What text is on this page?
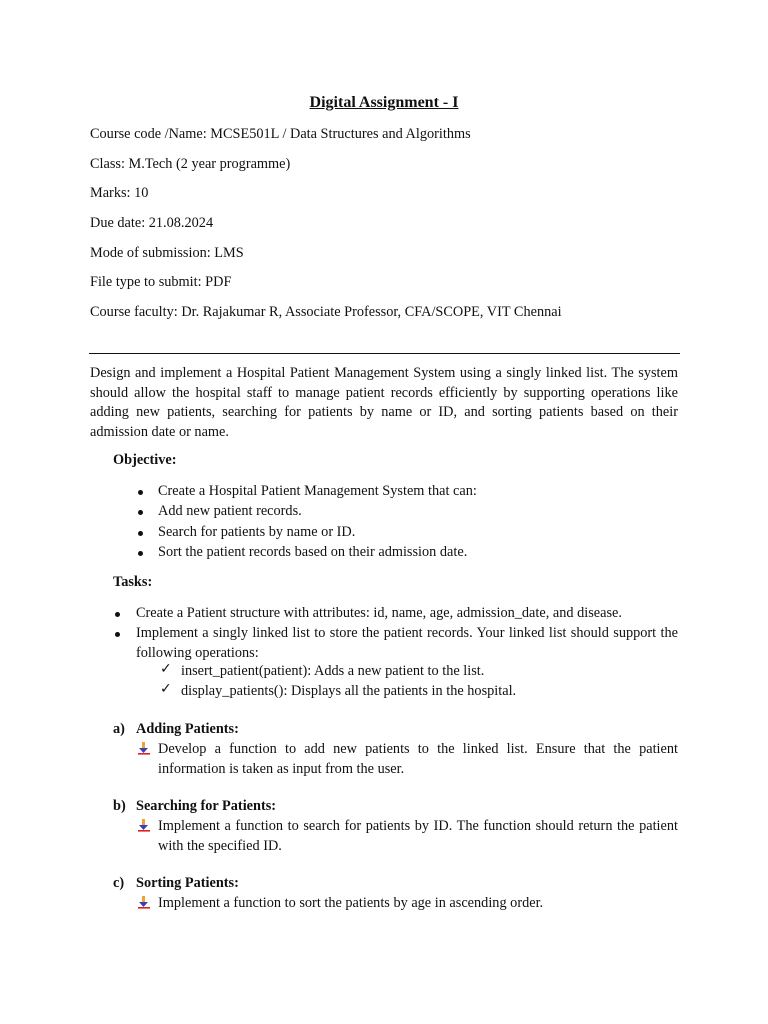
Digital Assignment - I
Course code /Name: MCSE501L / Data Structures and Algorithms
Class: M.Tech (2 year programme)
Marks: 10
Due date: 21.08.2024
Mode of submission: LMS
File type to submit: PDF
Course faculty: Dr. Rajakumar R, Associate Professor, CFA/SCOPE, VIT Chennai
Design and implement a Hospital Patient Management System using a singly linked list. The system should allow the hospital staff to manage patient records efficiently by supporting operations like adding new patients, searching for patients by name or ID, and sorting patients based on their admission date or name.
Objective:
Create a Hospital Patient Management System that can:
Add new patient records.
Search for patients by name or ID.
Sort the patient records based on their admission date.
Tasks:
Create a Patient structure with attributes: id, name, age, admission_date, and disease.
Implement a singly linked list to store the patient records. Your linked list should support the following operations:
✓ insert_patient(patient): Adds a new patient to the list.
✓ display_patients(): Displays all the patients in the hospital.
a) Adding Patients:
Develop a function to add new patients to the linked list. Ensure that the patient information is taken as input from the user.
b) Searching for Patients:
Implement a function to search for patients by ID. The function should return the patient with the specified ID.
c) Sorting Patients:
Implement a function to sort the patients by age in ascending order.
